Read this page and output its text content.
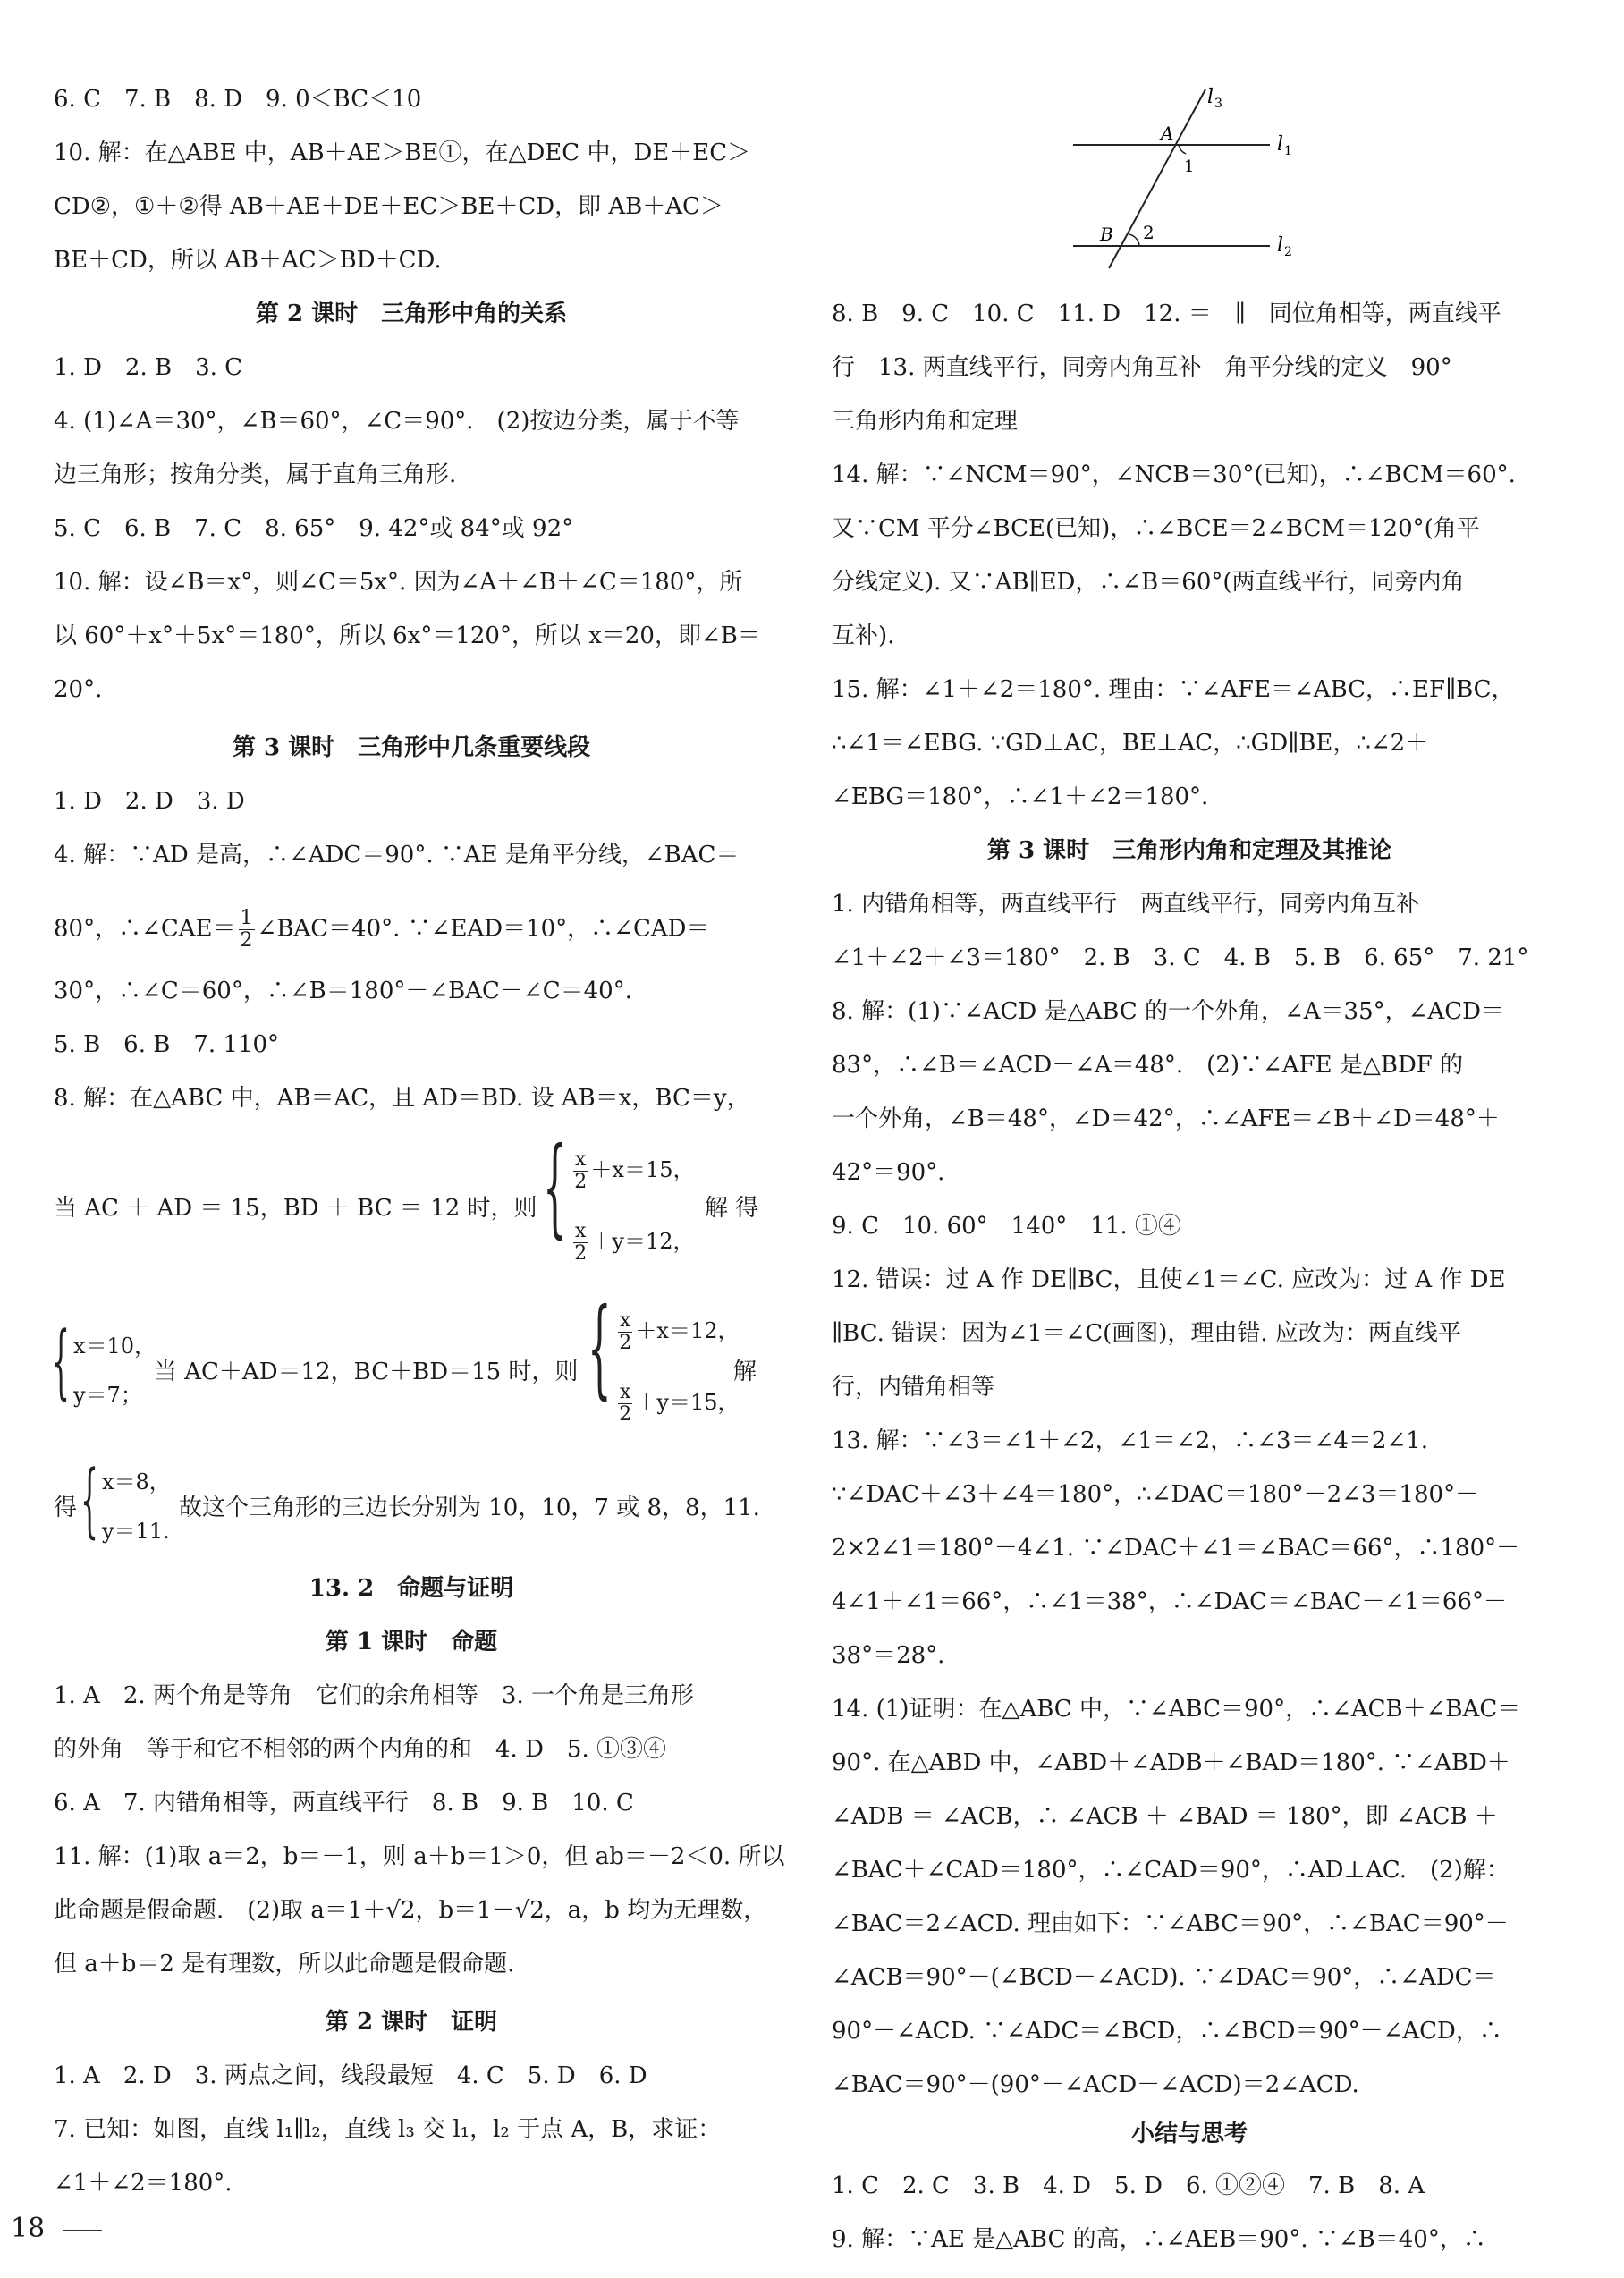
6. C　7. B　8. D　9. 0＜BC＜10
10. 解：在△ABE 中，AB＋AE＞BE①，在△DEC 中，DE＋EC＞
CD②，①＋②得 AB＋AE＋DE＋EC＞BE＋CD，即 AB＋AC＞
BE＋CD，所以 AB＋AC＞BD＋CD.
第 2 课时　三角形中角的关系
1. D　2. B　3. C
4. (1)∠A＝30°，∠B＝60°，∠C＝90°.　(2)按边分类，属于不等
边三角形；按角分类，属于直角三角形.
5. C　6. B　7. C　8. 65°　9. 42°或 84°或 92°
10. 解：设∠B＝x°，则∠C＝5x°. 因为∠A＋∠B＋∠C＝180°，所
以 60°＋x°＋5x°＝180°，所以 6x°＝120°，所以 x＝20，即∠B＝
20°.
第 3 课时　三角形中几条重要线段
1. D　2. D　3. D
4. 解：∵AD 是高，∴∠ADC＝90°. ∵AE 是角平分线，∠BAC＝
80°，∴∠CAE＝ $\frac{1}{2}$ ∠BAC＝40°. ∵∠EAD＝10°，∴∠CAD＝
30°，∴∠C＝60°，∴∠B＝180°－∠BAC－∠C＝40°.
5. B　6. B　7. 110°
8. 解：在△ABC 中，AB＝AC，且 AD＝BD. 设 AB＝x，BC＝y，
当 AC ＋ AD ＝ 15，BD ＋ BC ＝ 12 时，则 { $\frac{x}{2} +x=15$，
$\frac{x}{2} +y=12$，
解 得
{ x＝10，
y＝7；
当 AC＋AD＝12，BC＋BD＝15 时，则 { $\frac{x}{2} +x=12$，
$\frac{x}{2} +y=15$，
解
得 { x＝8，
y＝11.
故这个三角形的三边长分别为 10，10，7 或 8，8，11.
13. 2　命题与证明
第 1 课时　命题
1. A　2. 两个角是等角　它们的余角相等　3. 一个角是三角形
的外角　等于和它不相邻的两个内角的和　4. D　5. ①③④
6. A　7. 内错角相等，两直线平行　8. B　9. B　10. C
11. 解：(1)取 a＝2，b＝－1，则 a＋b＝1＞0，但 ab＝－2＜0. 所以
此命题是假命题.　(2)取 a＝1＋√2，b＝1－√2，a，b 均为无理数，
但 a＋b＝2 是有理数，所以此命题是假命题.
第 2 课时　证明
1. A　2. D　3. 两点之间，线段最短　4. C　5. D　6. D
7. 已知：如图，直线 l₁∥l₂，直线 l₃ 交 l₁，l₂ 于点 A，B，求证：
∠1＋∠2＝180°.
l 3
l 1
l 2
A
1
B 2
8. B　9. C　10. C　11. D　12. ＝　∥　同位角相等，两直线平
行　13. 两直线平行，同旁内角互补　角平分线的定义　90°
三角形内角和定理
14. 解：∵∠NCM＝90°，∠NCB＝30°(已知)，∴∠BCM＝60°.
又∵CM 平分∠BCE(已知)，∴∠BCE＝2∠BCM＝120°(角平
分线定义). 又∵AB∥ED，∴∠B＝60°(两直线平行，同旁内角
互补).
15. 解：∠1＋∠2＝180°. 理由：∵∠AFE＝∠ABC，∴EF∥BC，
∴∠1＝∠EBG. ∵GD⊥AC，BE⊥AC，∴GD∥BE，∴∠2＋
∠EBG＝180°，∴∠1＋∠2＝180°.
第 3 课时　三角形内角和定理及其推论
1. 内错角相等，两直线平行　两直线平行，同旁内角互补
∠1＋∠2＋∠3＝180°　2. B　3. C　4. B　5. B　6. 65°　7. 21°
8. 解：(1)∵∠ACD 是△ABC 的一个外角，∠A＝35°，∠ACD＝
83°，∴∠B＝∠ACD－∠A＝48°.　(2)∵∠AFE 是△BDF 的
一个外角，∠B＝48°，∠D＝42°，∴∠AFE＝∠B＋∠D＝48°＋
42°＝90°.
9. C　10. 60°　140°　11. ①④
12. 错误：过 A 作 DE∥BC，且使∠1＝∠C. 应改为：过 A 作 DE
∥BC. 错误：因为∠1＝∠C(画图)，理由错. 应改为：两直线平
行，内错角相等
13. 解：∵∠3＝∠1＋∠2，∠1＝∠2，∴∠3＝∠4＝2∠1.
∵∠DAC＋∠3＋∠4＝180°，∴∠DAC＝180°－2∠3＝180°－
2×2∠1＝180°－4∠1. ∵∠DAC＋∠1＝∠BAC＝66°，∴180°－
4∠1＋∠1＝66°，∴∠1＝38°，∴∠DAC＝∠BAC－∠1＝66°－
38°＝28°.
14. (1)证明：在△ABC 中，∵∠ABC＝90°，∴∠ACB＋∠BAC＝
90°. 在△ABD 中，∠ABD＋∠ADB＋∠BAD＝180°. ∵∠ABD＋
∠ADB ＝ ∠ACB，∴ ∠ACB ＋ ∠BAD ＝ 180°，即 ∠ACB ＋
∠BAC＋∠CAD＝180°，∴∠CAD＝90°，∴AD⊥AC.　(2)解：
∠BAC＝2∠ACD. 理由如下：∵∠ABC＝90°，∴∠BAC＝90°－
∠ACB＝90°－(∠BCD－∠ACD). ∵∠DAC＝90°，∴∠ADC＝
90°－∠ACD. ∵∠ADC＝∠BCD，∴∠BCD＝90°－∠ACD，∴
∠BAC＝90°－(90°－∠ACD－∠ACD)＝2∠ACD.
小结与思考
1. C　2. C　3. B　4. D　5. D　6. ①②④　7. B　8. A
9. 解：∵AE 是△ABC 的高，∴∠AEB＝90°. ∵∠B＝40°，∴
18
